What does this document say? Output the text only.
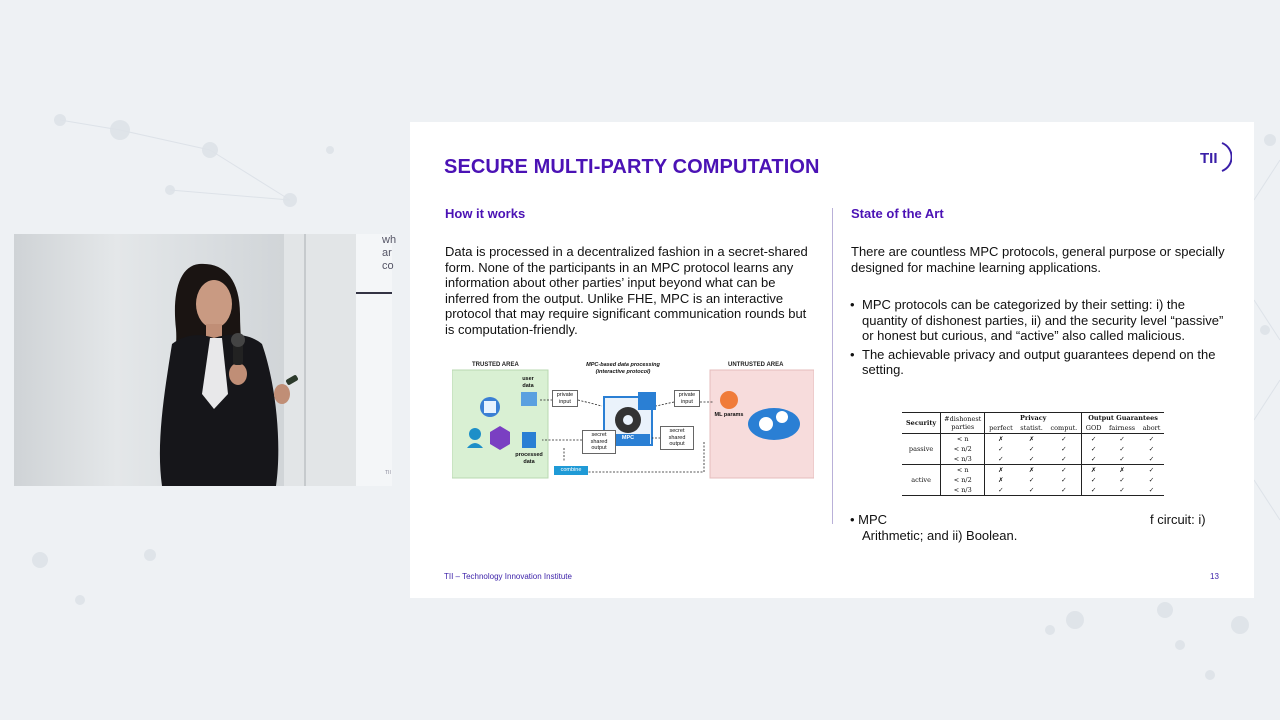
wh
ar
co
TII
SECURE MULTI-PARTY COMPUTATION	TII
How it works	State of the Art
Data is processed in a decentralized fashion in a secret-shared form. None of the participants in an MPC protocol learns any information about other parties’ input beyond what can be inferred from the output. Unlike FHE, MPC is an interactive protocol that may require significant communication rounds but is computation-friendly.
There are countless MPC protocols, general purpose or specially designed for machine learning applications.
• MPC protocols can be categorized by their setting: i) the quantity of dishonest parties, ii) and the security level “passive” or honest but curious, and “active” also called malicious.
• The achievable privacy and output guarantees depend on the setting.
TRUSTED AREA	UNTRUSTED AREA
MPC-based data processing (interactive protocol)
user data
private input
private input
secret shared output
secret shared output
processed data
MPC
ML params
combine
Security	#dishonest parties	Privacy			Output Guarantees		
		perfect	statist.	comput.	GOD	fairness	abort
passive	< n	✗	✗	✓	✓	✓	✓
	< n/2	✓	✓	✓	✓	✓	✓
	< n/3	✓	✓	✓	✓	✓	✓
active	< n	✗	✗	✓	✗	✗	✓
	< n/2	✗	✓	✓	✓	✓	✓
	< n/3	✓	✓	✓	✓	✓	✓
• MPC	f circuit: i)
Arithmetic; and ii) Boolean.
TII – Technology Innovation Institute	13
